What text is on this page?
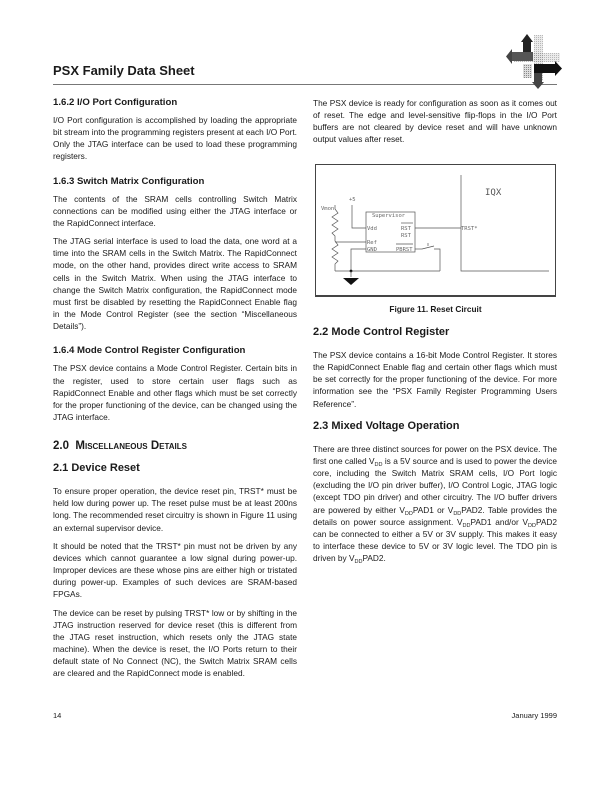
PSX Family Data Sheet
1.6.2 I/O Port Configuration

I/O Port configuration is accomplished by loading the appropriate bit stream into the programming registers present at each I/O Port. Only the JTAG interface can be used to load these programming registers.

1.6.3 Switch Matrix Configuration

The contents of the SRAM cells controlling Switch Matrix connections can be modified using either the JTAG interface or the RapidConnect interface.

The JTAG serial interface is used to load the data, one word at a time into the SRAM cells in the Switch Matrix. The RapidConnect mode, on the other hand, provides direct write access to SRAM cells in the Switch Matrix. When using the JTAG interface to change the Switch Matrix configuration, the RapidConnect mode must first be disabled by resetting the RapidConnect Enable flag in the Mode Control Register (see the section “Miscellaneous Details”).

1.6.4 Mode Control Register Configuration

The PSX device contains a Mode Control Register. Certain bits in the register, used to store certain user flags such as RapidConnect Enable and other flags which must be set correctly for the proper functioning of the device, can be changed using the JTAG interface.

2.0 Miscellaneous Details
2.1 Device Reset

To ensure proper operation, the device reset pin, TRST* must be held low during power up. The reset pulse must be at least 200ns long. The recommended reset circuitry is shown in Figure 11 using an external supervisor device.

It should be noted that the TRST* pin must not be driven by any devices which cannot guarantee a low signal during power-up. Improper devices are these whose pins are either high or tristated during power-up. Examples of such devices are SRAM-based FPGAs.

The device can be reset by pulsing TRST* low or by shifting in the JTAG instruction reserved for device reset (this is different from the JTAG reset instruction, which resets only the JTAG state machine). When the device is reset, the I/O Ports return to their default state of No Connect (NC), the Switch Matrix SRAM cells are cleared and the RapidConnect mode is enabled.

The PSX device is ready for configuration as soon as it comes out of reset. The edge and level-sensitive flip-flops in the I/O Port buffers are not cleared by device reset and will have unknown output values after reset.

+5
Vmon
Supervisor
Vdd
Ref
GND
RST
RST
PBRST
TRST*
IQX
Figure 11. Reset Circuit
2.2 Mode Control Register

The PSX device contains a 16-bit Mode Control Register. It stores the RapidConnect Enable flag and certain other flags which must be set correctly for the proper functioning of the device. For more information see the “PSX Family Register Programming Users Reference”.

2.3 Mixed Voltage Operation

There are three distinct sources for power on the PSX device. The first one called $V_{DD}$ is a 5V source and is used to power the device core, including the Switch Matrix SRAM cells, I/O Port logic (excluding the I/O pin driver buffer), I/O Control Logic, JTAG logic (except TDO pin driver) and other circuitry. The I/O buffer drivers are powered by either $V_{DD}PAD1$ or $V_{DD}PAD2$. Table provides the details on power source assignment. $V_{DD}PAD1$ and/or $V_{DD}PAD2$ can be connected to either a 5V or 3V supply. This makes it easy to interface these device to 5V or 3V logic level. The TDO pin is driven by $V_{DD}PAD2$.

14	January 1999
